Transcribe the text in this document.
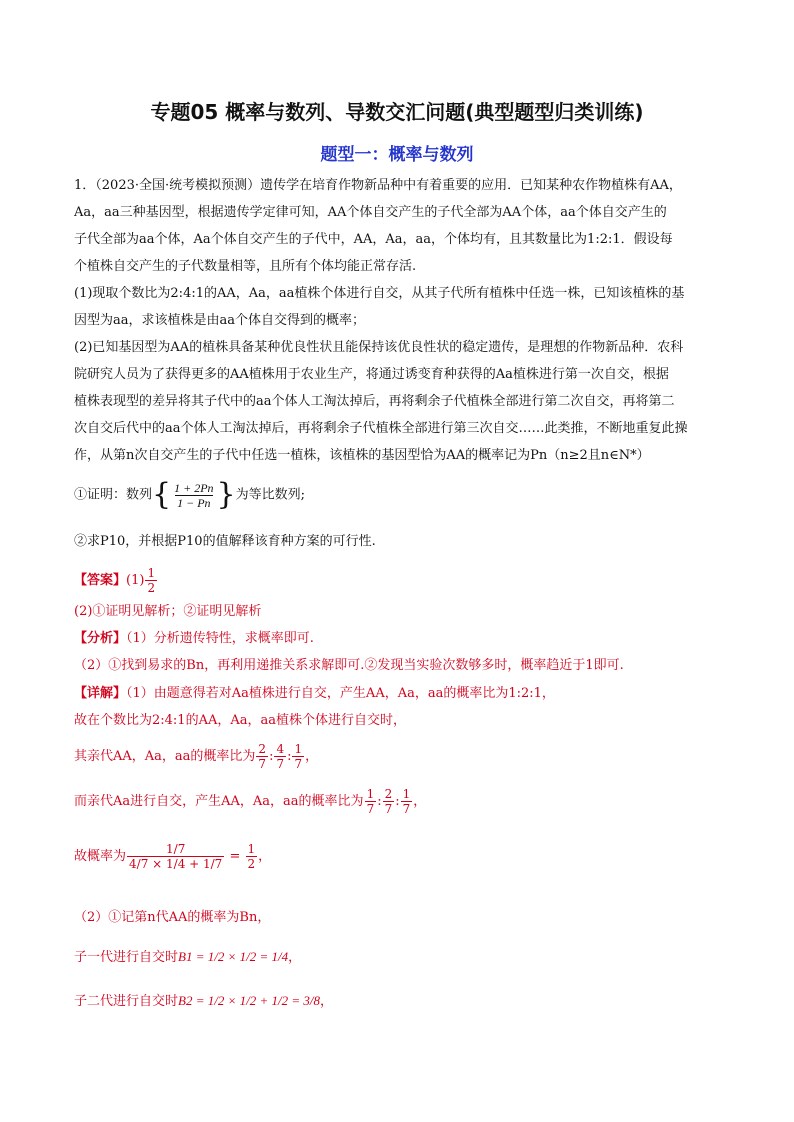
专题05 概率与数列、导数交汇问题(典型题型归类训练)
题型一：概率与数列
1．（2023·全国·统考模拟预测）遗传学在培育作物新品种中有着重要的应用．已知某种农作物植株有AA，
Aa，aa三种基因型，根据遗传学定律可知，AA个体自交产生的子代全部为AA个体，aa个体自交产生的
子代全部为aa个体，Aa个体自交产生的子代中，AA，Aa，aa，个体均有，且其数量比为1:2:1．假设每
个植株自交产生的子代数量相等，且所有个体均能正常存活.
(1)现取个数比为2:4:1的AA，Aa，aa植株个体进行自交，从其子代所有植株中任选一株，已知该植株的基
因型为aa，求该植株是由aa个体自交得到的概率；
(2)已知基因型为AA的植株具备某种优良性状且能保持该优良性状的稳定遗传，是理想的作物新品种．农科
院研究人员为了获得更多的AA植株用于农业生产，将通过诱变育种获得的Aa植株进行第一次自交，根据
植株表现型的差异将其子代中的aa个体人工淘汰掉后，再将剩余子代植株全部进行第二次自交，再将第二
次自交后代中的aa个体人工淘汰掉后，再将剩余子代植株全部进行第三次自交……此类推，不断地重复此操
作，从第n次自交产生的子代中任选一植株，该植株的基因型恰为AA的概率记为Pn（n≥2且n∈N*）
①证明：数列{ $\frac{1 + 2Pn}{1 - Pn}$ }为等比数列;
②求P10，并根据P10的值解释该育种方案的可行性.
【答案】$(1) \frac{1}{2}$
(2)①证明见解析；②证明见解析
【分析】（1）分析遗传特性，求概率即可.
（2）①找到易求的Bn，再利用递推关系求解即可.②发现当实验次数够多时，概率趋近于1即可.
【详解】（1）由题意得若对Aa植株进行自交，产生AA，Aa，aa的概率比为1:2:1，
故在个数比为2:4:1的AA，Aa，aa植株个体进行自交时，
其亲代AA，Aa，aa的概率比为 $\frac{2}{7}$ : $\frac{4}{7}$ : $\frac{1}{7}$ ，
而亲代Aa进行自交，产生AA，Aa，aa的概率比为 $\frac{1}{7}$ : $\frac{2}{7}$ : $\frac{1}{7}$ ，
故概率为 $\frac{1/7}{4/7 \times 1/4 + 1/7} = \frac{1}{2}$ ，
（2）①记第n代AA的概率为Bn，
子一代进行自交时B1 = 1/2 × 1/2 = 1/4，
子二代进行自交时B2 = 1/2 × 1/2 + 1/2 = 3/8，
